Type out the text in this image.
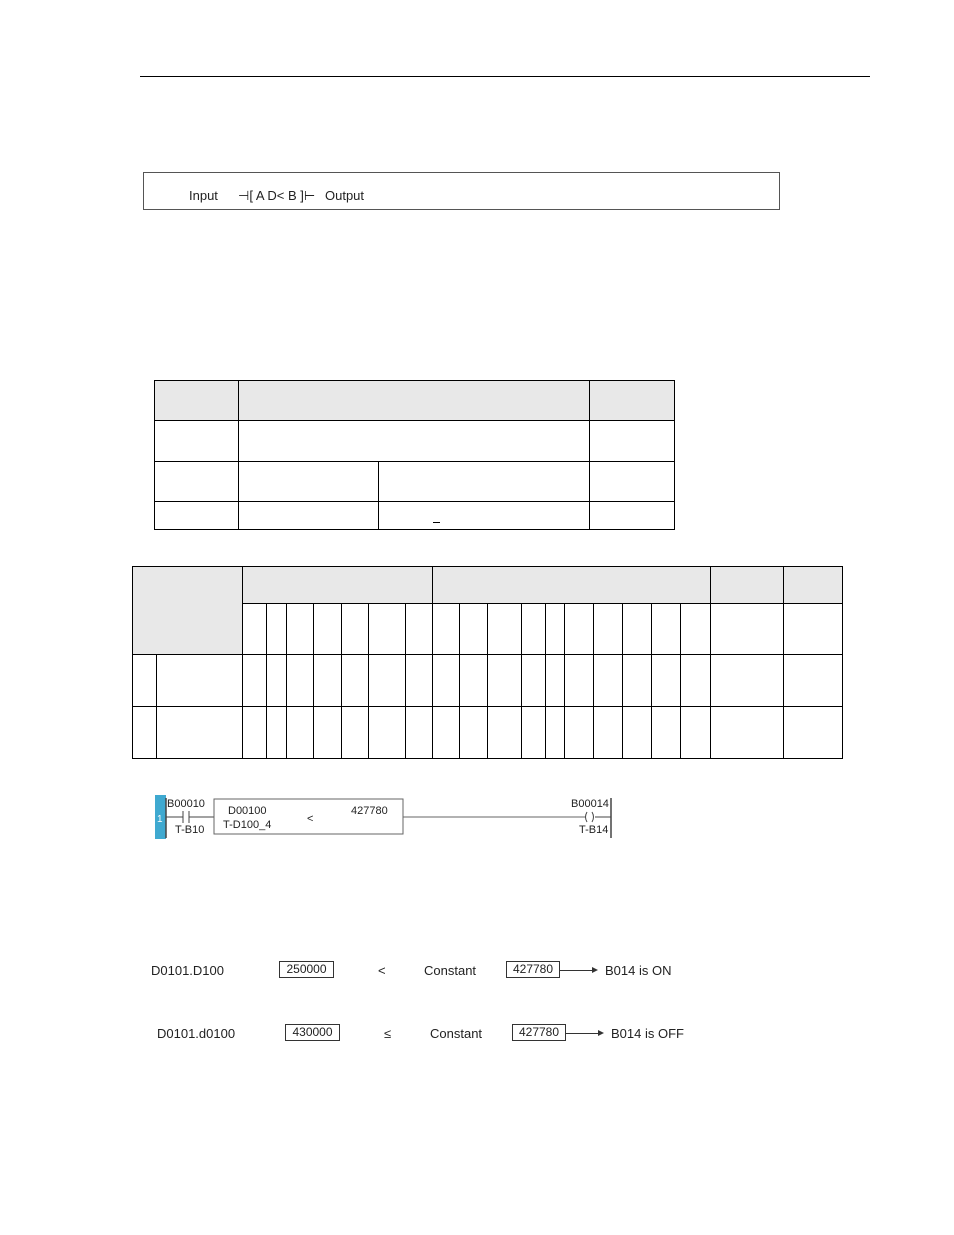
Input ⊣[ A D< B ]⊢ Output

1
B00010
T-B10
D00100
T-D100_4	<
427780
B00014
T-B14
D0101.D100	250000	<	Constant	427780	B014 is ON
D0101.d0100	430000	≤	Constant	427780	B014 is OFF
